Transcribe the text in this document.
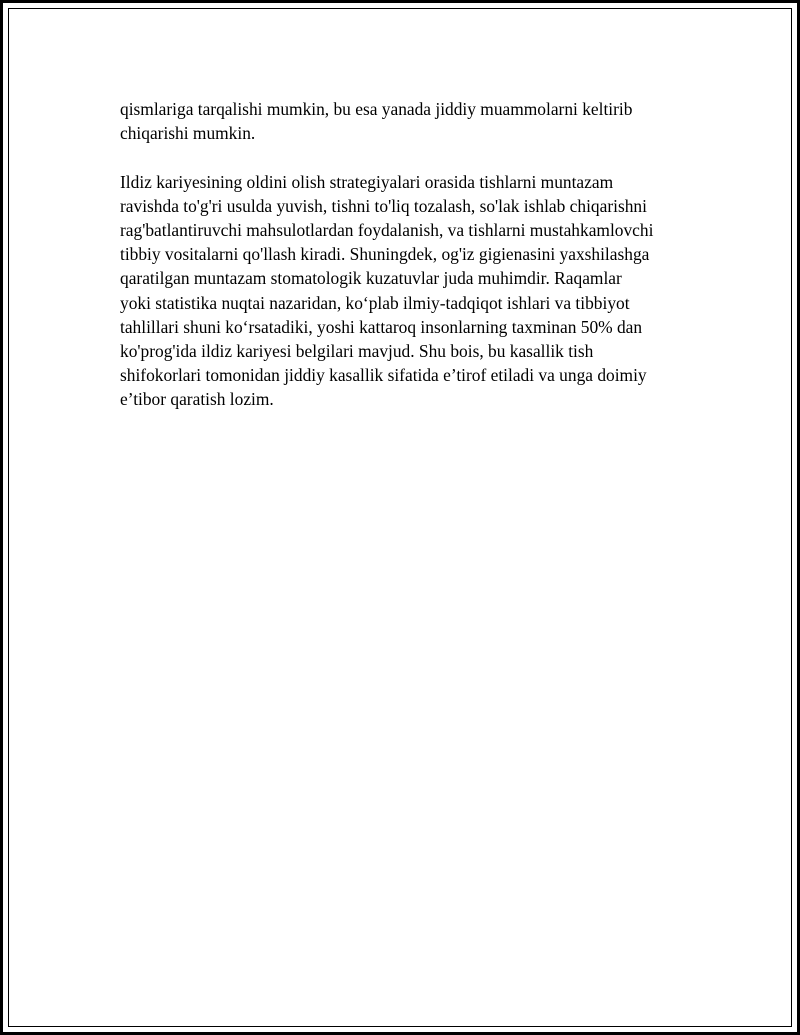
qismlariga tarqalishi mumkin, bu esa yanada jiddiy muammolarni keltirib
chiqarishi mumkin.

Ildiz kariyesining oldini olish strategiyalari orasida tishlarni muntazam
ravishda to'g'ri usulda yuvish, tishni to'liq tozalash, so'lak ishlab chiqarishni
rag'batlantiruvchi mahsulotlardan foydalanish, va tishlarni mustahkamlovchi
tibbiy vositalarni qo'llash kiradi. Shuningdek, og'iz gigienasini yaxshilashga
qaratilgan muntazam stomatologik kuzatuvlar juda muhimdir. Raqamlar
yoki statistika nuqtai nazaridan, ko‘plab ilmiy-tadqiqot ishlari va tibbiyot
tahlillari shuni ko‘rsatadiki, yoshi kattaroq insonlarning taxminan 50% dan
ko'prog'ida ildiz kariyesi belgilari mavjud. Shu bois, bu kasallik tish
shifokorlari tomonidan jiddiy kasallik sifatida e’tirof etiladi va unga doimiy
e’tibor qaratish lozim.
